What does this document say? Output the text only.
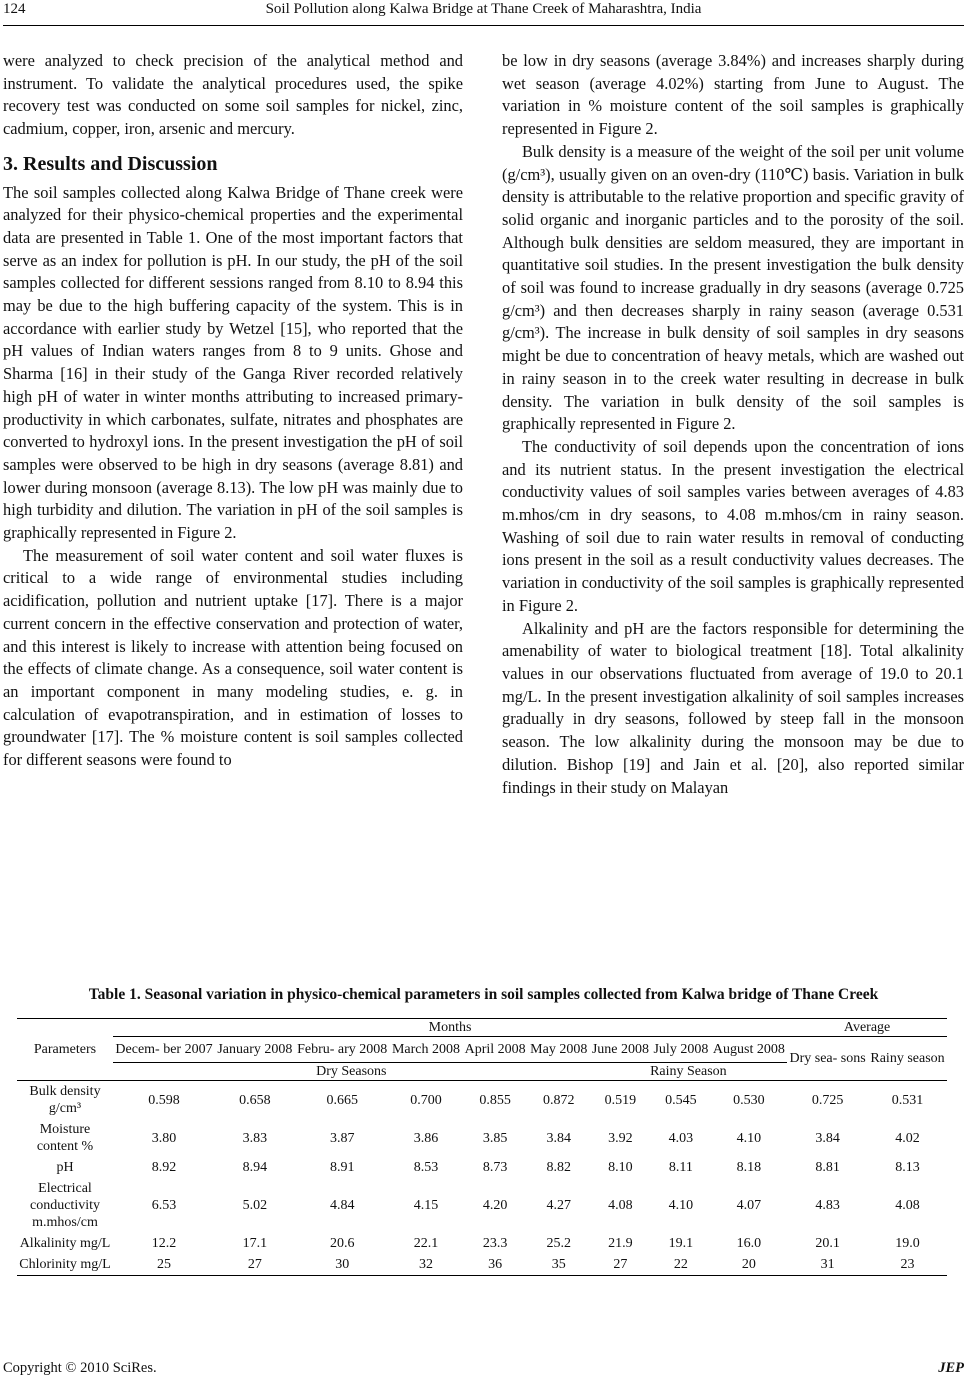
124	Soil Pollution along Kalwa Bridge at Thane Creek of Maharashtra, India

were analyzed to check precision of the analytical method and instrument. To validate the analytical procedures used, the spike recovery test was conducted on some soil samples for nickel, zinc, cadmium, copper, iron, arsenic and mercury.

3. Results and Discussion

The soil samples collected along Kalwa Bridge of Thane creek were analyzed for their physico-chemical properties and the experimental data are presented in Table 1. One of the most important factors that serve as an index for pollution is pH. In our study, the pH of the soil samples collected for different sessions ranged from 8.10 to 8.94 this may be due to the high buffering capacity of the system. This is in accordance with earlier study by Wetzel [15], who reported that the pH values of Indian waters ranges from 8 to 9 units. Ghose and Sharma [16] in their study of the Ganga River recorded relatively high pH of water in winter months attributing to increased primary-productivity in which carbonates, sulfate, nitrates and phosphates are converted to hydroxyl ions. In the present investigation the pH of soil samples were observed to be high in dry seasons (average 8.81) and lower during monsoon (average 8.13). The low pH was mainly due to high turbidity and dilution. The variation in pH of the soil samples is graphically represented in Figure 2.

The measurement of soil water content and soil water fluxes is critical to a wide range of environmental studies including acidification, pollution and nutrient uptake [17]. There is a major current concern in the effective conservation and protection of water, and this interest is likely to increase with attention being focused on the effects of climate change. As a consequence, soil water content is an important component in many modeling studies, e. g. in calculation of evapotranspiration, and in estimation of losses to groundwater [17]. The % moisture content is soil samples collected for different seasons were found to

be low in dry seasons (average 3.84%) and increases sharply during wet season (average 4.02%) starting from June to August. The variation in % moisture content of the soil samples is graphically represented in Figure 2.

Bulk density is a measure of the weight of the soil per unit volume (g/cm³), usually given on an oven-dry (110℃) basis. Variation in bulk density is attributable to the relative proportion and specific gravity of solid organic and inorganic particles and to the porosity of the soil. Although bulk densities are seldom measured, they are important in quantitative soil studies. In the present investigation the bulk density of soil was found to increase gradually in dry seasons (average 0.725 g/cm³) and then decreases sharply in rainy season (average 0.531 g/cm³). The increase in bulk density of soil samples in dry seasons might be due to concentration of heavy metals, which are washed out in rainy season in to the creek water resulting in decrease in bulk density. The variation in bulk density of the soil samples is graphically represented in Figure 2.

The conductivity of soil depends upon the concentration of ions and its nutrient status. In the present investigation the electrical conductivity values of soil samples varies between averages of 4.83 m.mhos/cm in dry seasons, to 4.08 m.mhos/cm in rainy season. Washing of soil due to rain water results in removal of conducting ions present in the soil as a result conductivity values decreases. The variation in conductivity of the soil samples is graphically represented in Figure 2.

Alkalinity and pH are the factors responsible for determining the amenability of water to biological treatment [18]. Total alkalinity values in our observations fluctuated from average of 19.0 to 20.1 mg/L. In the present investigation alkalinity of soil samples increases gradually in dry seasons, followed by steep fall in the monsoon season. The low alkalinity during the monsoon may be due to dilution. Bishop [19] and Jain et al. [20], also reported similar findings in their study on Malayan

Table 1. Seasonal variation in physico-chemical parameters in soil samples collected from Kalwa bridge of Thane Creek
Parameters	Months									Average	
	Decem- ber 2007	January 2008	Febru- ary 2008	March 2008	April 2008	May 2008	June 2008	July 2008	August 2008	Dry sea- sons	Rainy season
	Dry Seasons						Rainy Season				
Bulk density g/cm³	0.598	0.658	0.665	0.700	0.855	0.872	0.519	0.545	0.530	0.725	0.531
Moisture content %	3.80	3.83	3.87	3.86	3.85	3.84	3.92	4.03	4.10	3.84	4.02
pH	8.92	8.94	8.91	8.53	8.73	8.82	8.10	8.11	8.18	8.81	8.13
Electrical conductivity m.mhos/cm	6.53	5.02	4.84	4.15	4.20	4.27	4.08	4.10	4.07	4.83	4.08
Alkalinity mg/L	12.2	17.1	20.6	22.1	23.3	25.2	21.9	19.1	16.0	20.1	19.0
Chlorinity mg/L	25	27	30	32	36	35	27	22	20	31	23
Copyright © 2010 SciRes.	JEP
